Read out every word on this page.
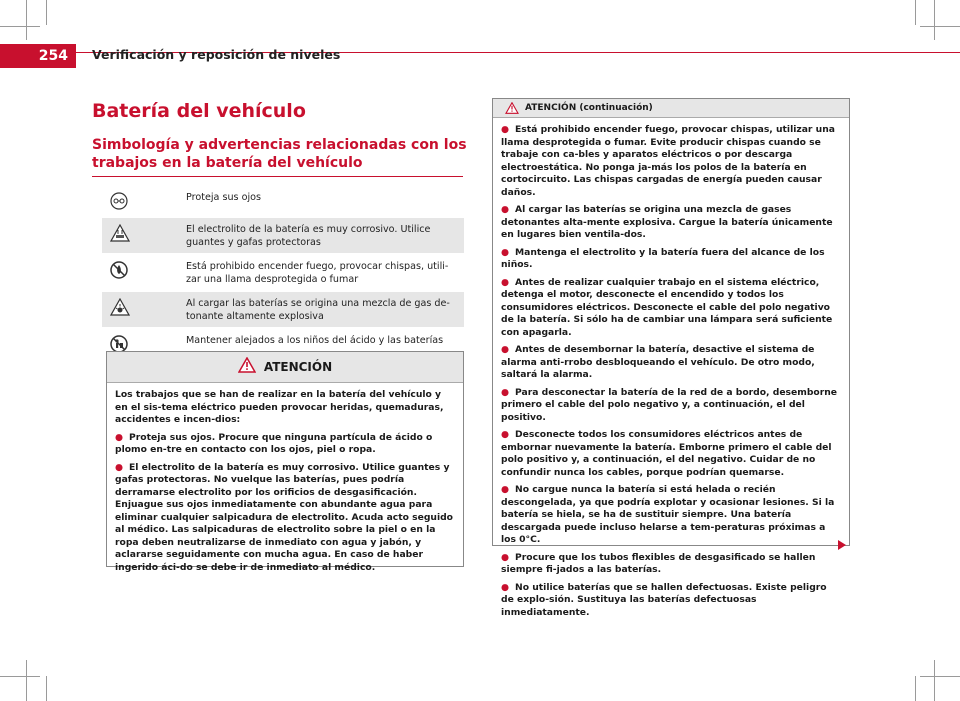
254	Verificación y reposición de niveles
Batería del vehículo
Simbología y advertencias relacionadas con los trabajos en la batería del vehículo
Proteja sus ojos
El electrolito de la batería es muy corrosivo. Utilice guantes y gafas protectoras
Está prohibido encender fuego, provocar chispas, utili-zar una llama desprotegida o fumar
Al cargar las baterías se origina una mezcla de gas de-tonante altamente explosiva
Mantener alejados a los niños del ácido y las baterías
ATENCIÓN

Los trabajos que se han de realizar en la batería del vehículo y en el sis-tema eléctrico pueden provocar heridas, quemaduras, accidentes e incen-dios:

● Proteja sus ojos. Procure que ninguna partícula de ácido o plomo en-tre en contacto con los ojos, piel o ropa.

● El electrolito de la batería es muy corrosivo. Utilice guantes y gafas protectoras. No vuelque las baterías, pues podría derramarse electrolito por los orificios de desgasificación. Enjuague sus ojos inmediatamente con abundante agua para eliminar cualquier salpicadura de electrolito. Acuda acto seguido al médico. Las salpicaduras de electrolito sobre la piel o en la ropa deben neutralizarse de inmediato con agua y jabón, y aclararse seguidamente con mucha agua. En caso de haber ingerido áci-do se debe ir de inmediato al médico.

ATENCIÓN (continuación)

● Está prohibido encender fuego, provocar chispas, utilizar una llama desprotegida o fumar. Evite producir chispas cuando se trabaje con ca-bles y aparatos eléctricos o por descarga electroestática. No ponga ja-más los polos de la batería en cortocircuito. Las chispas cargadas de energía pueden causar daños.

● Al cargar las baterías se origina una mezcla de gases detonantes alta-mente explosiva. Cargue la batería únicamente en lugares bien ventila-dos.

● Mantenga el electrolito y la batería fuera del alcance de los niños.

● Antes de realizar cualquier trabajo en el sistema eléctrico, detenga el motor, desconecte el encendido y todos los consumidores eléctricos. Desconecte el cable del polo negativo de la batería. Si sólo ha de cambiar una lámpara será suficiente con apagarla.

● Antes de desembornar la batería, desactive el sistema de alarma anti-rrobo desbloqueando el vehículo. De otro modo, saltará la alarma.

● Para desconectar la batería de la red de a bordo, desemborne primero el cable del polo negativo y, a continuación, el del positivo.

● Desconecte todos los consumidores eléctricos antes de embornar nuevamente la batería. Emborne primero el cable del polo positivo y, a continuación, el del negativo. Cuidar de no confundir nunca los cables, porque podrían quemarse.

● No cargue nunca la batería si está helada o recién descongelada, ya que podría explotar y ocasionar lesiones. Si la batería se hiela, se ha de sustituir siempre. Una batería descargada puede incluso helarse a tem-peraturas próximas a los 0°C.

● Procure que los tubos flexibles de desgasificado se hallen siempre fi-jados a las baterías.

● No utilice baterías que se hallen defectuosas. Existe peligro de explo-sión. Sustituya las baterías defectuosas inmediatamente.
